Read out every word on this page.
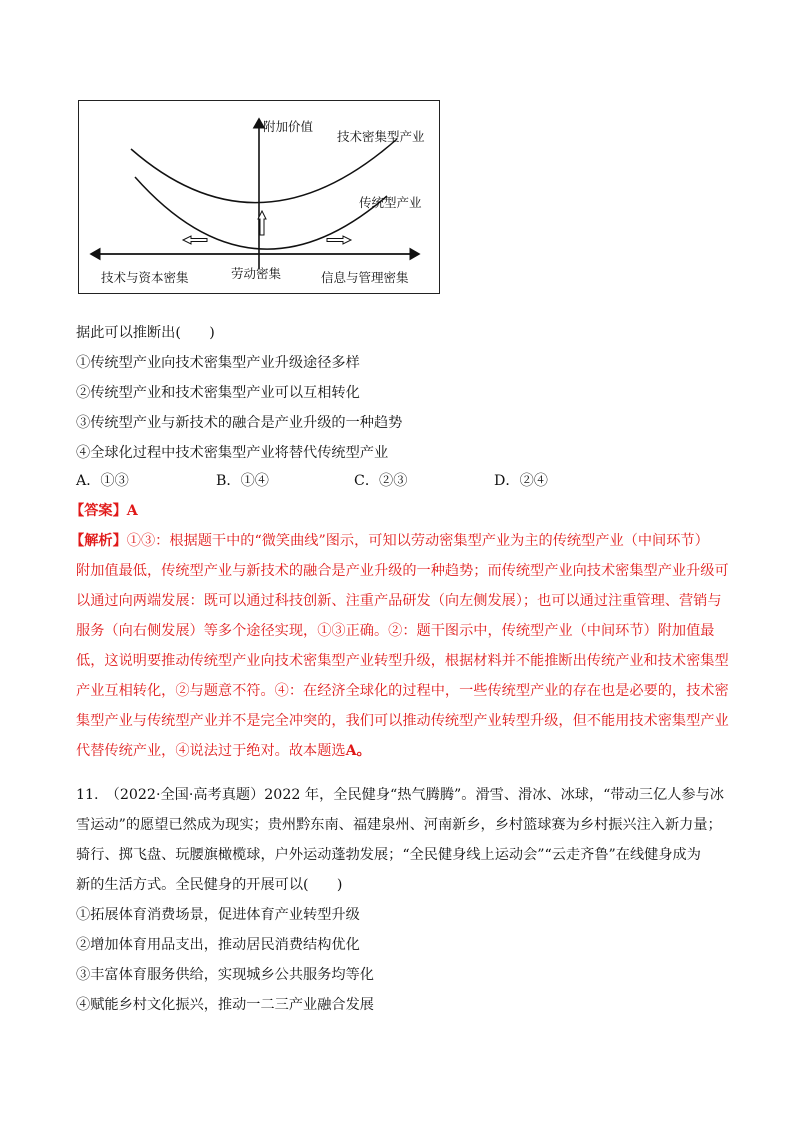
附加价值
技术密集型产业
传统型产业
技术与资本密集	劳动密集	信息与管理密集
据此可以推断出(　　)
①传统型产业向技术密集型产业升级途径多样
②传统型产业和技术密集型产业可以互相转化
③传统型产业与新技术的融合是产业升级的一种趋势
④全球化过程中技术密集型产业将替代传统型产业
A．①③	B．①④	C．②③	D．②④
【答案】A
【解析】①③：根据题干中的“微笑曲线”图示，可知以劳动密集型产业为主的传统型产业（中间环节）
附加值最低，传统型产业与新技术的融合是产业升级的一种趋势；而传统型产业向技术密集型产业升级可
以通过向两端发展：既可以通过科技创新、注重产品研发（向左侧发展）；也可以通过注重管理、营销与
服务（向右侧发展）等多个途径实现，①③正确。②：题干图示中，传统型产业（中间环节）附加值最
低，这说明要推动传统型产业向技术密集型产业转型升级，根据材料并不能推断出传统产业和技术密集型
产业互相转化，②与题意不符。④：在经济全球化的过程中，一些传统型产业的存在也是必要的，技术密
集型产业与传统型产业并不是完全冲突的，我们可以推动传统型产业转型升级，但不能用技术密集型产业
代替传统产业，④说法过于绝对。故本题选A。
11.　（2022·全国·高考真题）2022 年，全民健身“热气腾腾”。滑雪、滑冰、冰球，“带动三亿人参与冰
雪运动”的愿望已然成为现实；贵州黔东南、福建泉州、河南新乡，乡村篮球赛为乡村振兴注入新力量；
骑行、掷飞盘、玩腰旗橄榄球，户外运动蓬勃发展；“全民健身线上运动会”“云走齐鲁”在线健身成为
新的生活方式。全民健身的开展可以(　　)
①拓展体育消费场景，促进体育产业转型升级
②增加体育用品支出，推动居民消费结构优化
③丰富体育服务供给，实现城乡公共服务均等化
④赋能乡村文化振兴，推动一二三产业融合发展
